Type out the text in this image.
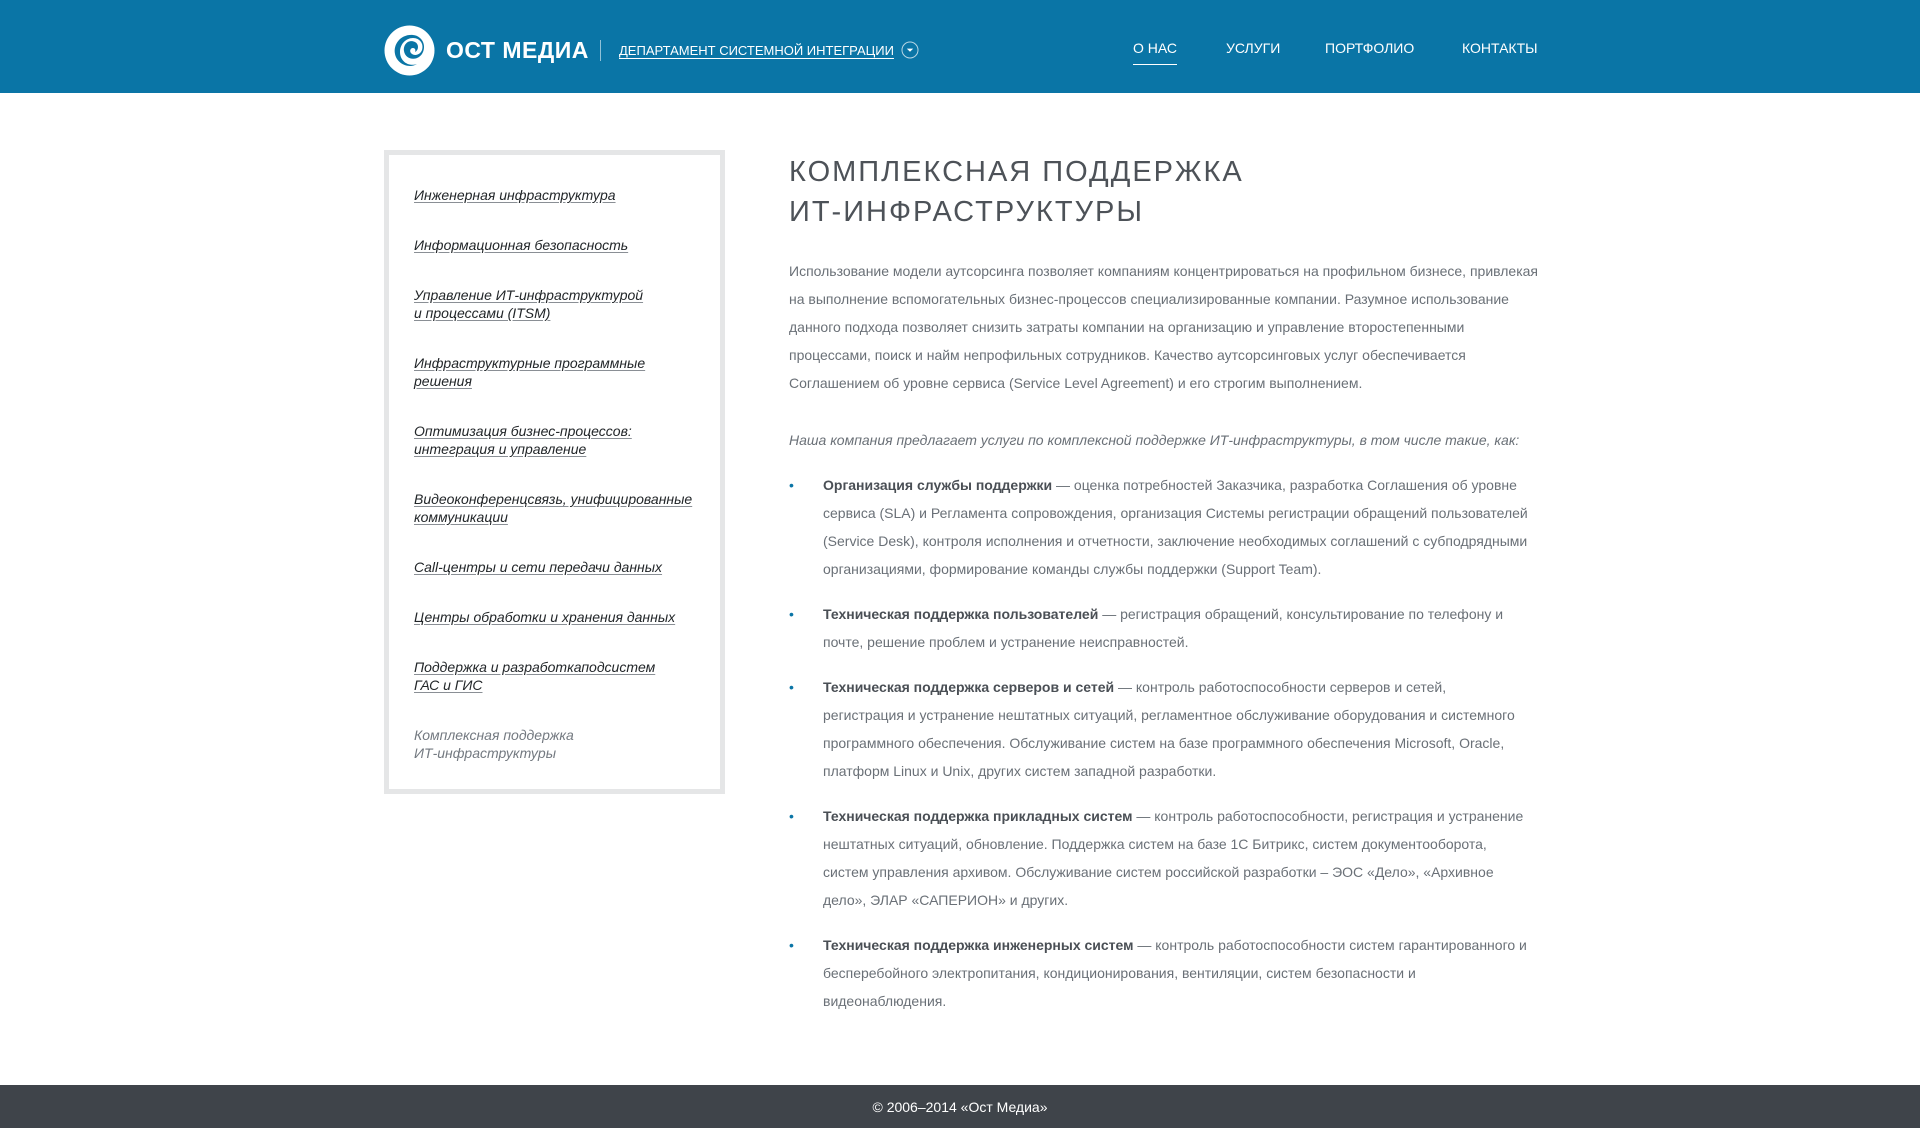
ОСТ МЕДИА ДЕПАРТАМЕНТ СИСТЕМНОЙ ИНТЕГРАЦИИ	О НАС	УСЛУГИ	ПОРТФОЛИО	КОНТАКТЫ
Инженерная инфраструктура
Информационная безопасность
Управление ИТ-инфраструктурой
и процессами (ITSM)
Инфраструктурные программные
решения
Оптимизация бизнес-процессов:
интеграция и управление
Видеоконференцсвязь, унифицированные
коммуникации
Call-центры и сети передачи данных
Центры обработки и хранения данных
Поддержка и разработкаподсистем
ГАС и ГИС
Комплексная поддержка
ИТ-инфраструктуры
КОМПЛЕКСНАЯ ПОДДЕРЖКА
ИТ-ИНФРАСТРУКТУРЫ

Использование модели аутсорсинга позволяет компаниям концентрироваться на профильном бизнесе, привлекая на выполнение вспомогательных бизнес-процессов специализированные компании. Разумное использование данного подхода позволяет снизить затраты компании на организацию и управление второстепенными процессами, поиск и найм непрофильных сотрудников. Качество аутсорсинговых услуг обеспечивается Соглашением об уровне сервиса (Service Level Agreement) и его строгим выполнением.

Наша компания предлагает услуги по комплексной поддержке ИТ-инфраструктуры, в том числе такие, как:

• Организация службы поддержки — оценка потребностей Заказчика, разработка Соглашения об уровне сервиса (SLA) и Регламента сопровождения, организация Системы регистрации обращений пользователей (Service Desk), контроля исполнения и отчетности, заключение необходимых соглашений с субподрядными организациями, формирование команды службы поддержки (Support Team).
• Техническая поддержка пользователей — регистрация обращений, консультирование по телефону и почте, решение проблем и устранение неисправностей.
• Техническая поддержка серверов и сетей — контроль работоспособности серверов и сетей, регистрация и устранение нештатных ситуаций, регламентное обслуживание оборудования и системного программного обеспечения. Обслуживание систем на базе программного обеспечения Microsoft, Oracle, платформ Linux и Unix, других систем западной разработки.
• Техническая поддержка прикладных систем — контроль работоспособности, регистрация и устранение нештатных ситуаций, обновление. Поддержка систем на базе 1С Битрикс, систем документооборота, систем управления архивом. Обслуживание систем российской разработки – ЭОС «Дело», «Архивное дело», ЭЛАР «САПЕРИОН» и других.
• Техническая поддержка инженерных систем — контроль работоспособности систем гарантированного и бесперебойного электропитания, кондиционирования, вентиляции, систем безопасности и видеонаблюдения.
© 2006–2014 «Ост Медиа»
